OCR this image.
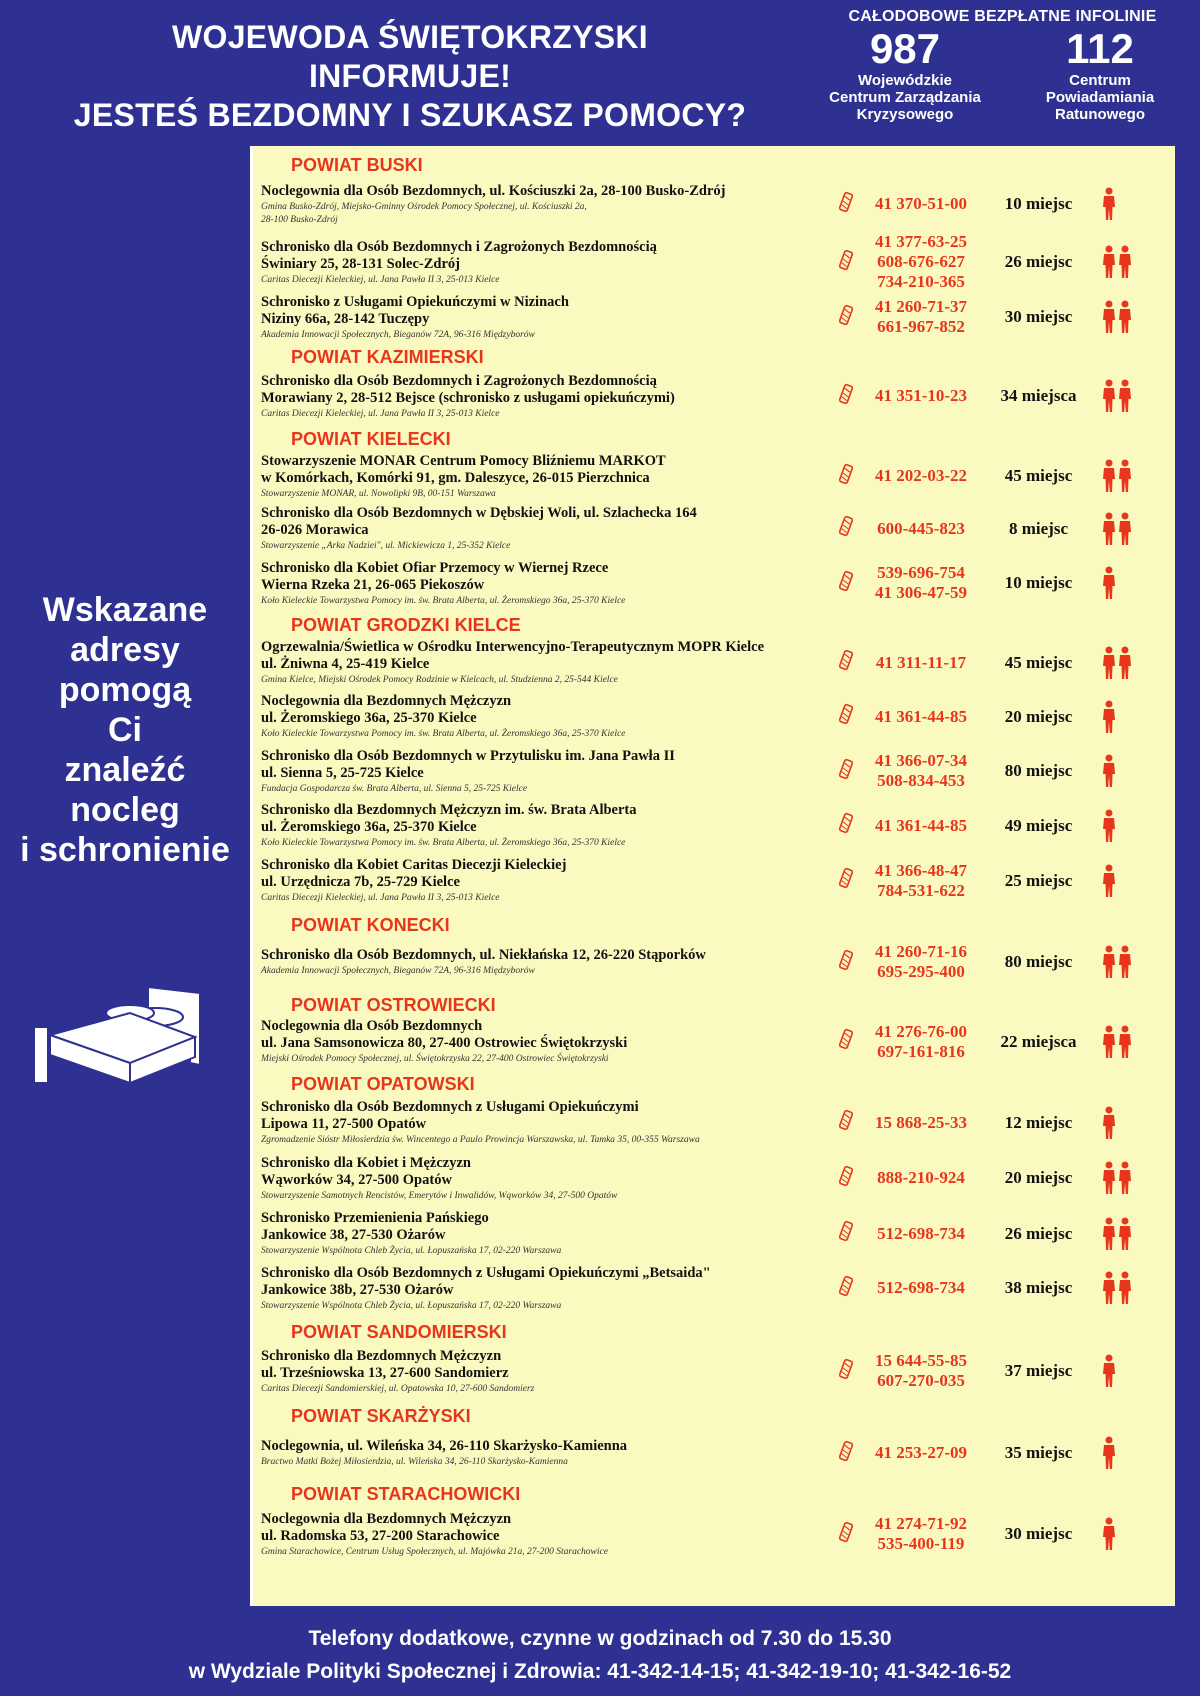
WOJEWODA ŚWIĘTOKRZYSKI
INFORMUJE!
JESTEŚ BEZDOMNY I SZUKASZ POMOCY?
CAŁODOBOWE BEZPŁATNE INFOLINIE
987
Wojewódzkie
Centrum Zarządzania
Kryzysowego
112
Centrum
Powiadamiania
Ratunowego
Wskazane
adresy
pomogą
Ci
znaleźć
nocleg
i schronienie
POWIAT BUSKI
Noclegownia dla Osób Bezdomnych, ul. Kościuszki 2a, 28-100 Busko-Zdrój
Gmina Busko-Zdrój, Miejsko-Gminny Ośrodek Pomocy Społecznej, ul. Kościuszki 2a,
28-100 Busko-Zdrój
41 370-51-00	10 miejsc
Schronisko dla Osób Bezdomnych i Zagrożonych Bezdomnością
Świniary 25, 28-131 Solec-Zdrój
Caritas Diecezji Kieleckiej, ul. Jana Pawła II 3, 25-013 Kielce
41 377-63-25
608-676-627
734-210-365
26 miejsc
Schronisko z Usługami Opiekuńczymi w Nizinach
Niziny 66a, 28-142 Tuczępy
Akademia Innowacji Społecznych, Bieganów 72A, 96-316 Międzyborów
41 260-71-37
661-967-852
30 miejsc
POWIAT KAZIMIERSKI
Schronisko dla Osób Bezdomnych i Zagrożonych Bezdomnością
Morawiany 2, 28-512 Bejsce (schronisko z usługami opiekuńczymi)
Caritas Diecezji Kieleckiej, ul. Jana Pawła II 3, 25-013 Kielce
41 351-10-23	34 miejsca
POWIAT KIELECKI
Stowarzyszenie MONAR Centrum Pomocy Bliźniemu MARKOT
w Komórkach, Komórki 91, gm. Daleszyce, 26-015 Pierzchnica
Stowarzyszenie MONAR, ul. Nowolipki 9B, 00-151 Warszawa
41 202-03-22	45 miejsc
Schronisko dla Osób Bezdomnych w Dębskiej Woli, ul. Szlachecka 164
26-026 Morawica
Stowarzyszenie „Arka Nadziei", ul. Mickiewicza 1, 25-352 Kielce
600-445-823	8 miejsc
Schronisko dla Kobiet Ofiar Przemocy w Wiernej Rzece
Wierna Rzeka 21, 26-065 Piekoszów
Koło Kieleckie Towarzystwa Pomocy im. św. Brata Alberta, ul. Żeromskiego 36a, 25-370 Kielce
539-696-754
41 306-47-59
10 miejsc
POWIAT GRODZKI KIELCE
Ogrzewalnia/Świetlica w Ośrodku Interwencyjno-Terapeutycznym MOPR Kielce
ul. Żniwna 4, 25-419 Kielce
Gmina Kielce, Miejski Ośrodek Pomocy Rodzinie w Kielcach, ul. Studzienna 2, 25-544 Kielce
41 311-11-17	45 miejsc
Noclegownia dla Bezdomnych Mężczyzn
ul. Żeromskiego 36a, 25-370 Kielce
Koło Kieleckie Towarzystwa Pomocy im. św. Brata Alberta, ul. Żeromskiego 36a, 25-370 Kielce
41 361-44-85	20 miejsc
Schronisko dla Osób Bezdomnych w Przytulisku im. Jana Pawła II
ul. Sienna 5, 25-725 Kielce
Fundacja Gospodarcza św. Brata Alberta, ul. Sienna 5, 25-725 Kielce
41 366-07-34
508-834-453
80 miejsc
Schronisko dla Bezdomnych Mężczyzn im. św. Brata Alberta
ul. Żeromskiego 36a, 25-370 Kielce
Koło Kieleckie Towarzystwa Pomocy im. św. Brata Alberta, ul. Żeromskiego 36a, 25-370 Kielce
41 361-44-85	49 miejsc
Schronisko dla Kobiet Caritas Diecezji Kieleckiej
ul. Urzędnicza 7b, 25-729 Kielce
Caritas Diecezji Kieleckiej, ul. Jana Pawła II 3, 25-013 Kielce
41 366-48-47
784-531-622
25 miejsc
POWIAT KONECKI
Schronisko dla Osób Bezdomnych, ul. Niekłańska 12, 26-220 Stąporków
Akademia Innowacji Społecznych, Bieganów 72A, 96-316 Międzyborów
41 260-71-16
695-295-400
80 miejsc
POWIAT OSTROWIECKI
Noclegownia dla Osób Bezdomnych
ul. Jana Samsonowicza 80, 27-400 Ostrowiec Świętokrzyski
Miejski Ośrodek Pomocy Społecznej, ul. Świętokrzyska 22, 27-400 Ostrowiec Świętokrzyski
41 276-76-00
697-161-816
22 miejsca
POWIAT OPATOWSKI
Schronisko dla Osób Bezdomnych z Usługami Opiekuńczymi
Lipowa 11, 27-500 Opatów
Zgromadzenie Sióstr Miłosierdzia św. Wincentego a Paulo Prowincja Warszawska, ul. Tamka 35, 00-355 Warszawa
15 868-25-33	12 miejsc
Schronisko dla Kobiet i Mężczyzn
Wąworków 34, 27-500 Opatów
Stowarzyszenie Samotnych Rencistów, Emerytów i Inwalidów, Wąworków 34, 27-500 Opatów
888-210-924	20 miejsc
Schronisko Przemienienia Pańskiego
Jankowice 38, 27-530 Ożarów
Stowarzyszenie Wspólnota Chleb Życia, ul. Łopuszańska 17, 02-220 Warszawa
512-698-734	26 miejsc
Schronisko dla Osób Bezdomnych z Usługami Opiekuńczymi „Betsaida"
Jankowice 38b, 27-530 Ożarów
Stowarzyszenie Wspólnota Chleb Życia, ul. Łopuszańska 17, 02-220 Warszawa
512-698-734	38 miejsc
POWIAT SANDOMIERSKI
Schronisko dla Bezdomnych Mężczyzn
ul. Trześniowska 13, 27-600 Sandomierz
Caritas Diecezji Sandomierskiej, ul. Opatowska 10, 27-600 Sandomierz
15 644-55-85
607-270-035
37 miejsc
POWIAT SKARŻYSKI
Noclegownia, ul. Wileńska 34, 26-110 Skarżysko-Kamienna
Bractwo Matki Bożej Miłosierdzia, ul. Wileńska 34, 26-110 Skarżysko-Kamienna	41 253-27-09	35 miejsc
POWIAT STARACHOWICKI
Noclegownia dla Bezdomnych Mężczyzn
ul. Radomska 53, 27-200 Starachowice
Gmina Starachowice, Centrum Usług Społecznych, ul. Majówka 21a, 27-200 Starachowice
41 274-71-92
535-400-119
30 miejsc
Telefony dodatkowe, czynne w godzinach od 7.30 do 15.30
w Wydziale Polityki Społecznej i Zdrowia: 41-342-14-15; 41-342-19-10; 41-342-16-52
